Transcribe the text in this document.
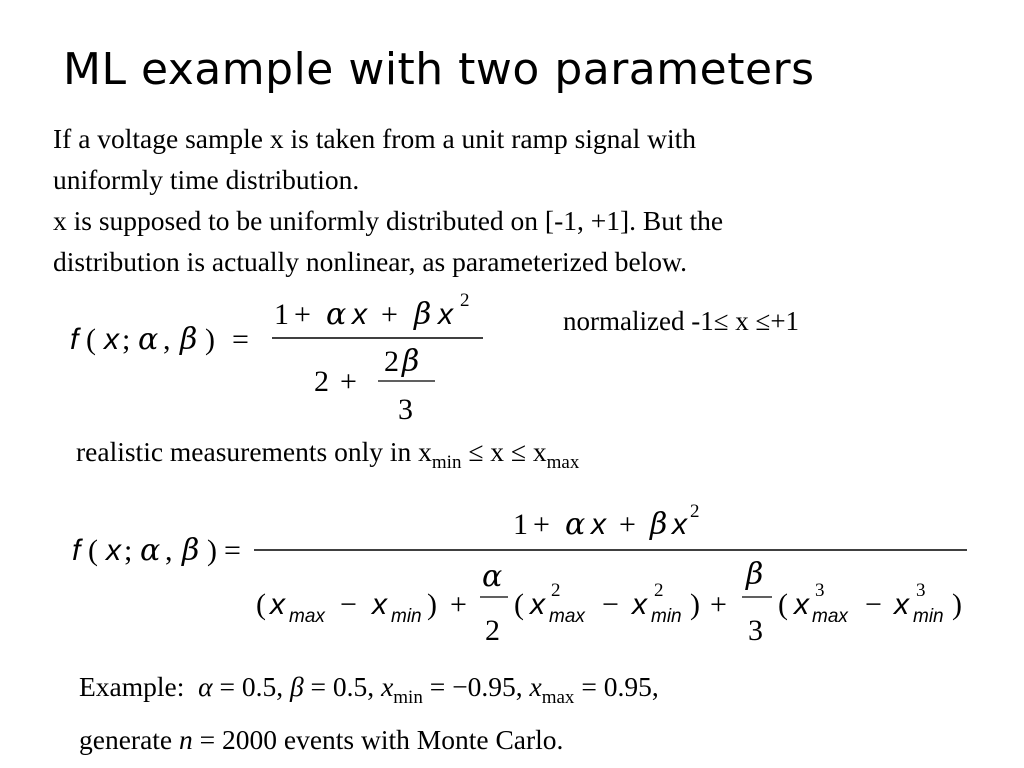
ML example with two parameters
If a voltage sample x is taken from a unit ramp signal with
uniformly time distribution.
x is supposed to be uniformly distributed on [-1, +1]. But the
distribution is actually nonlinear, as parameterized below.
normalized -1≤ x ≤+1
f ( x ; α , β ) =
1 + α x + β x 2
2 +
2 β
3
realistic measurements only in $x_{min} \le x \le x_{max}$
f ( x ; α , β ) =
1 + α x + β x 2
( x max − x min ) +
α
2
( x 2
max − x 2
min ) +
β
3
( x 3
max − x 3
min )
Example: α = 0.5, β = 0.5, $x_{min} = -0.95$, $x_{max} = 0.95$,
generate n = 2000 events with Monte Carlo.
